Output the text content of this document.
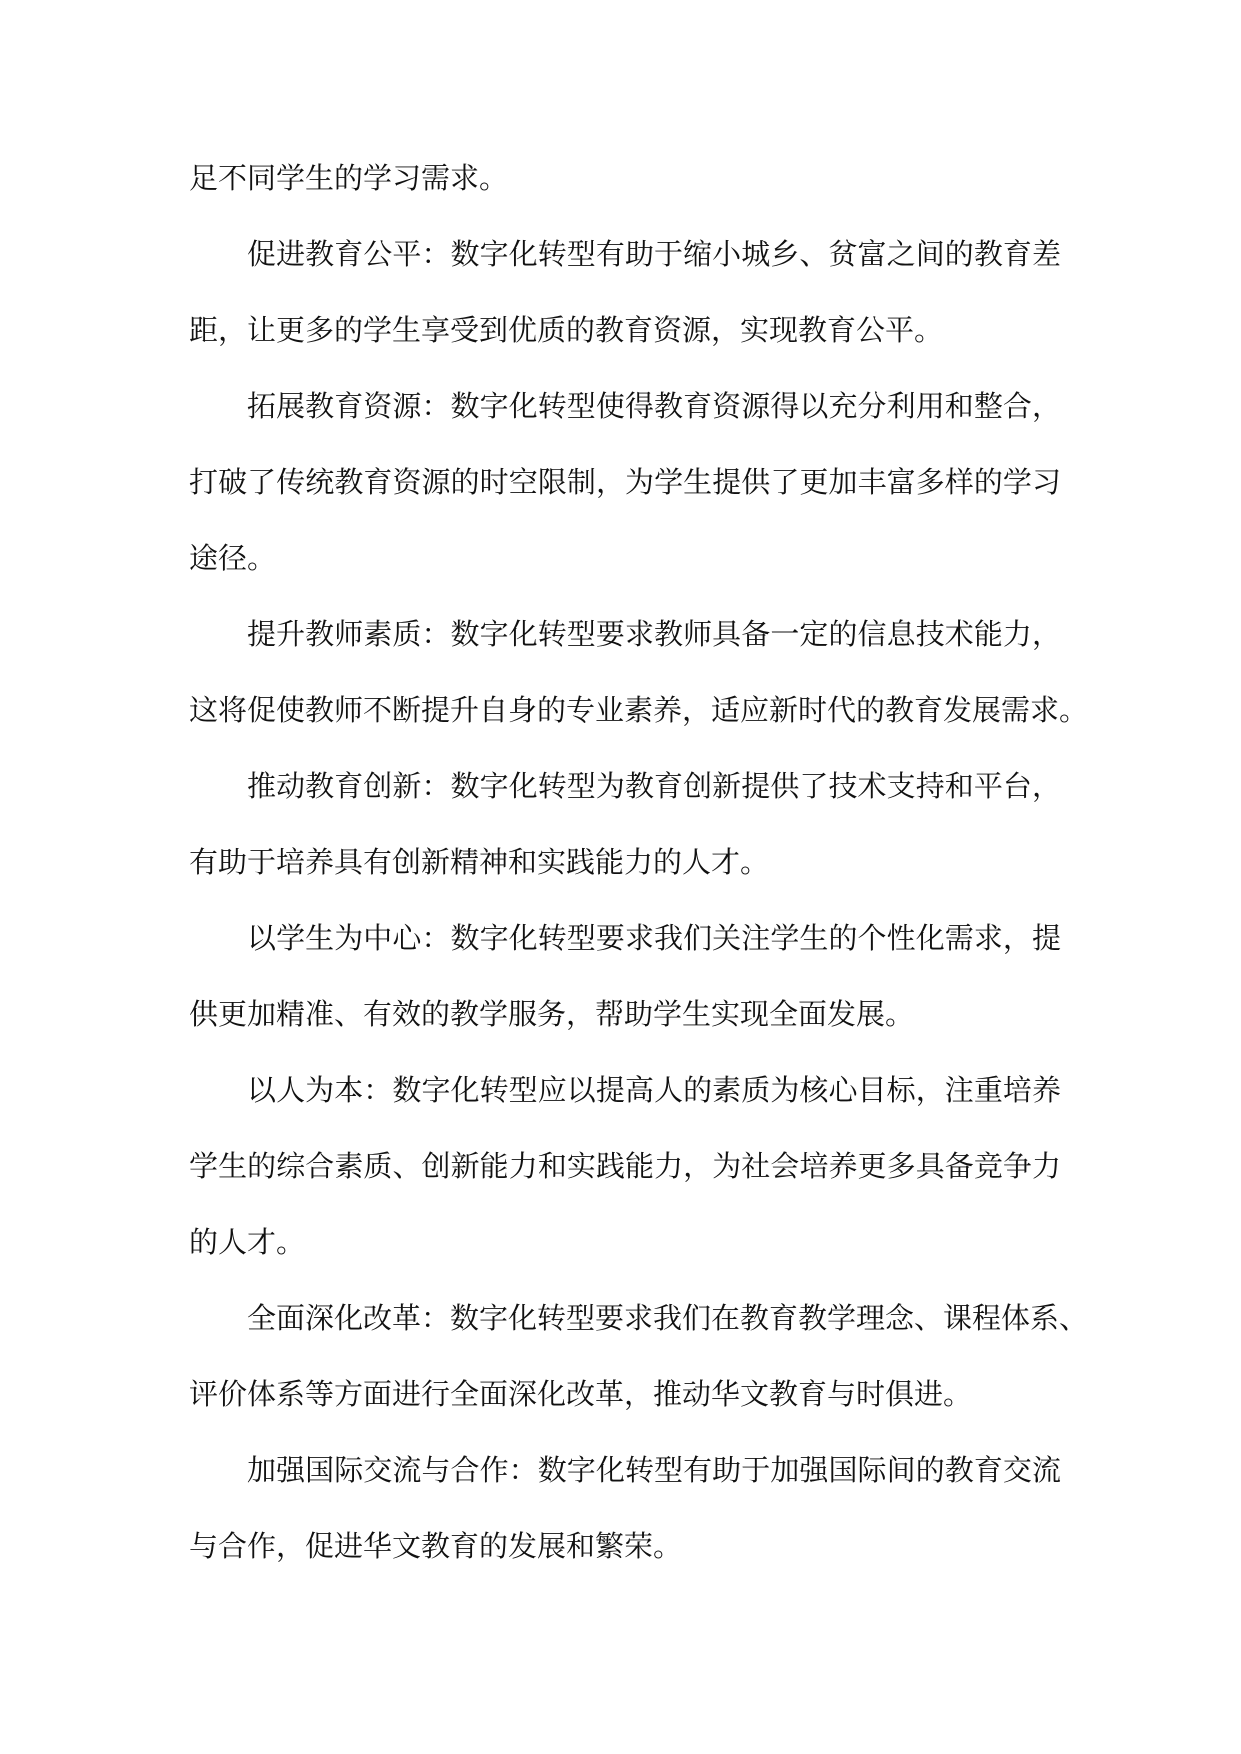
足不同学生的学习需求。
促进教育公平：数字化转型有助于缩小城乡、贫富之间的教育差
距，让更多的学生享受到优质的教育资源，实现教育公平。
拓展教育资源：数字化转型使得教育资源得以充分利用和整合，
打破了传统教育资源的时空限制，为学生提供了更加丰富多样的学习
途径。
提升教师素质：数字化转型要求教师具备一定的信息技术能力，
这将促使教师不断提升自身的专业素养，适应新时代的教育发展需求。
推动教育创新：数字化转型为教育创新提供了技术支持和平台，
有助于培养具有创新精神和实践能力的人才。
以学生为中心：数字化转型要求我们关注学生的个性化需求，提
供更加精准、有效的教学服务，帮助学生实现全面发展。
以人为本：数字化转型应以提高人的素质为核心目标，注重培养
学生的综合素质、创新能力和实践能力，为社会培养更多具备竞争力
的人才。
全面深化改革：数字化转型要求我们在教育教学理念、课程体系、
评价体系等方面进行全面深化改革，推动华文教育与时俱进。
加强国际交流与合作：数字化转型有助于加强国际间的教育交流
与合作，促进华文教育的发展和繁荣。
